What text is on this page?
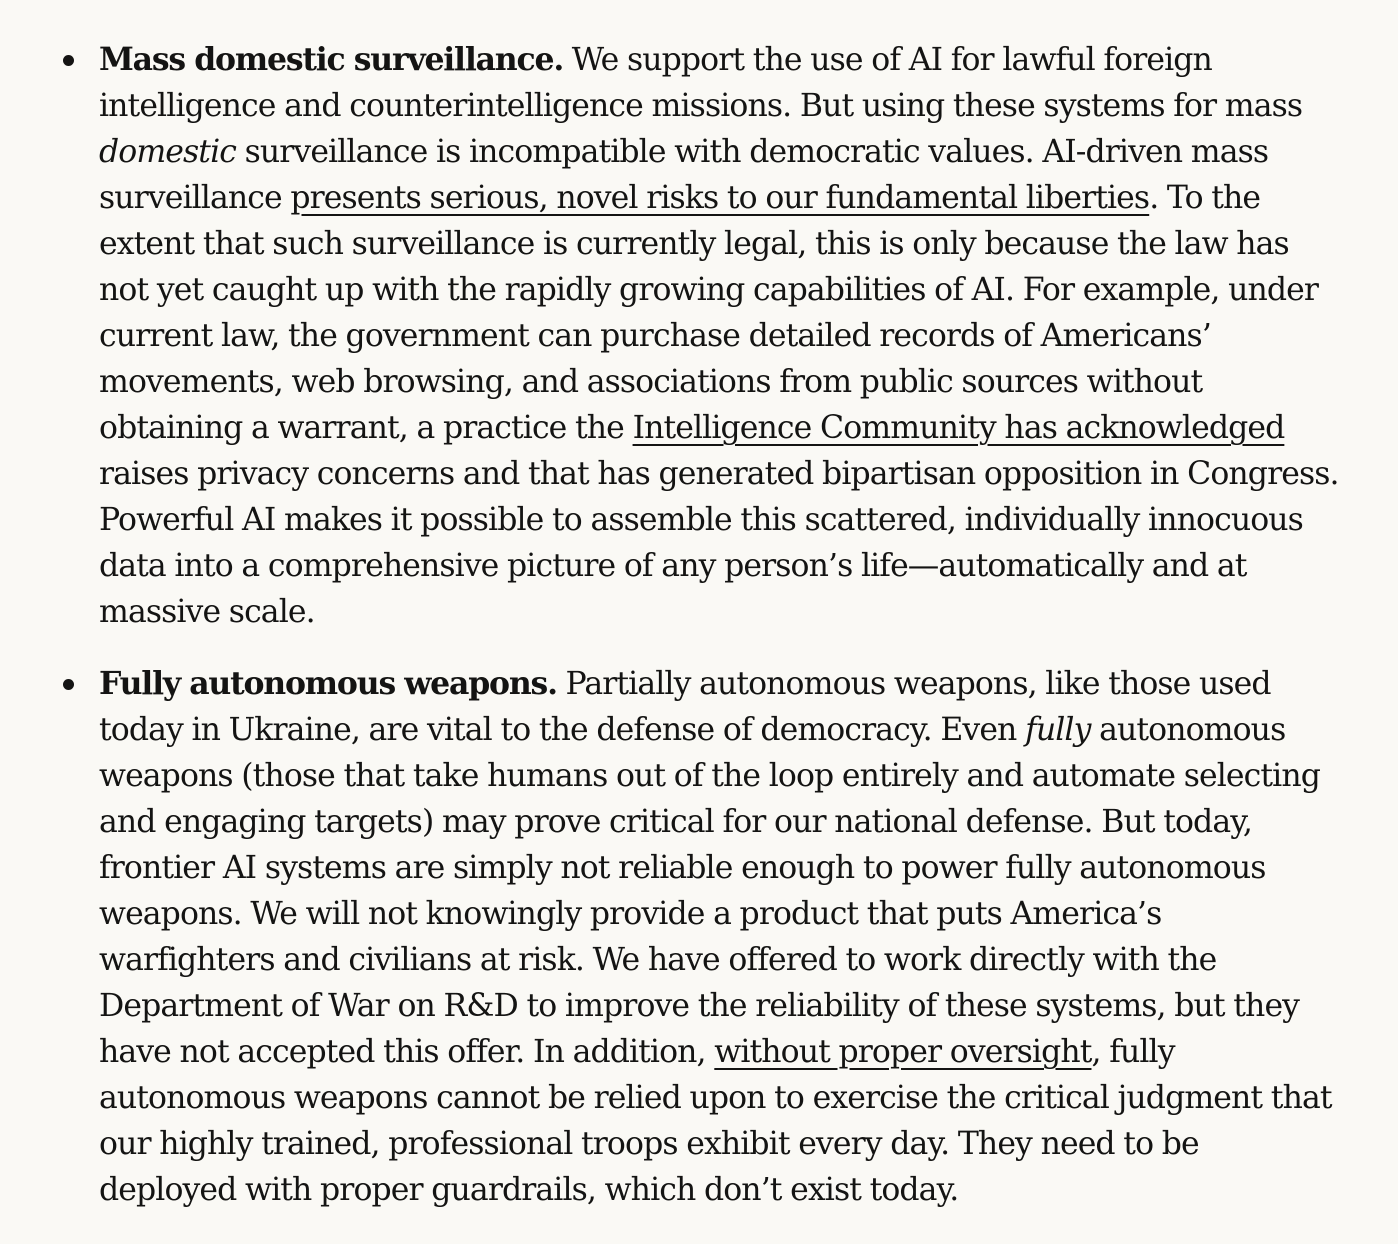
Mass domestic surveillance. We support the use of AI for lawful foreign intelligence and counterintelligence missions. But using these systems for mass domestic surveillance is incompatible with democratic values. AI-driven mass surveillance presents serious, novel risks to our fundamental liberties. To the extent that such surveillance is currently legal, this is only because the law has not yet caught up with the rapidly growing capabilities of AI. For example, under current law, the government can purchase detailed records of Americans’ movements, web browsing, and associations from public sources without obtaining a warrant, a practice the Intelligence Community has acknowledged raises privacy concerns and that has generated bipartisan opposition in Congress. Powerful AI makes it possible to assemble this scattered, individually innocuous data into a comprehensive picture of any person’s life—automatically and at massive scale.
Fully autonomous weapons. Partially autonomous weapons, like those used today in Ukraine, are vital to the defense of democracy. Even fully autonomous weapons (those that take humans out of the loop entirely and automate selecting and engaging targets) may prove critical for our national defense. But today, frontier AI systems are simply not reliable enough to power fully autonomous weapons. We will not knowingly provide a product that puts America’s warfighters and civilians at risk. We have offered to work directly with the Department of War on R&D to improve the reliability of these systems, but they have not accepted this offer. In addition, without proper oversight, fully autonomous weapons cannot be relied upon to exercise the critical judgment that our highly trained, professional troops exhibit every day. They need to be deployed with proper guardrails, which don’t exist today.
